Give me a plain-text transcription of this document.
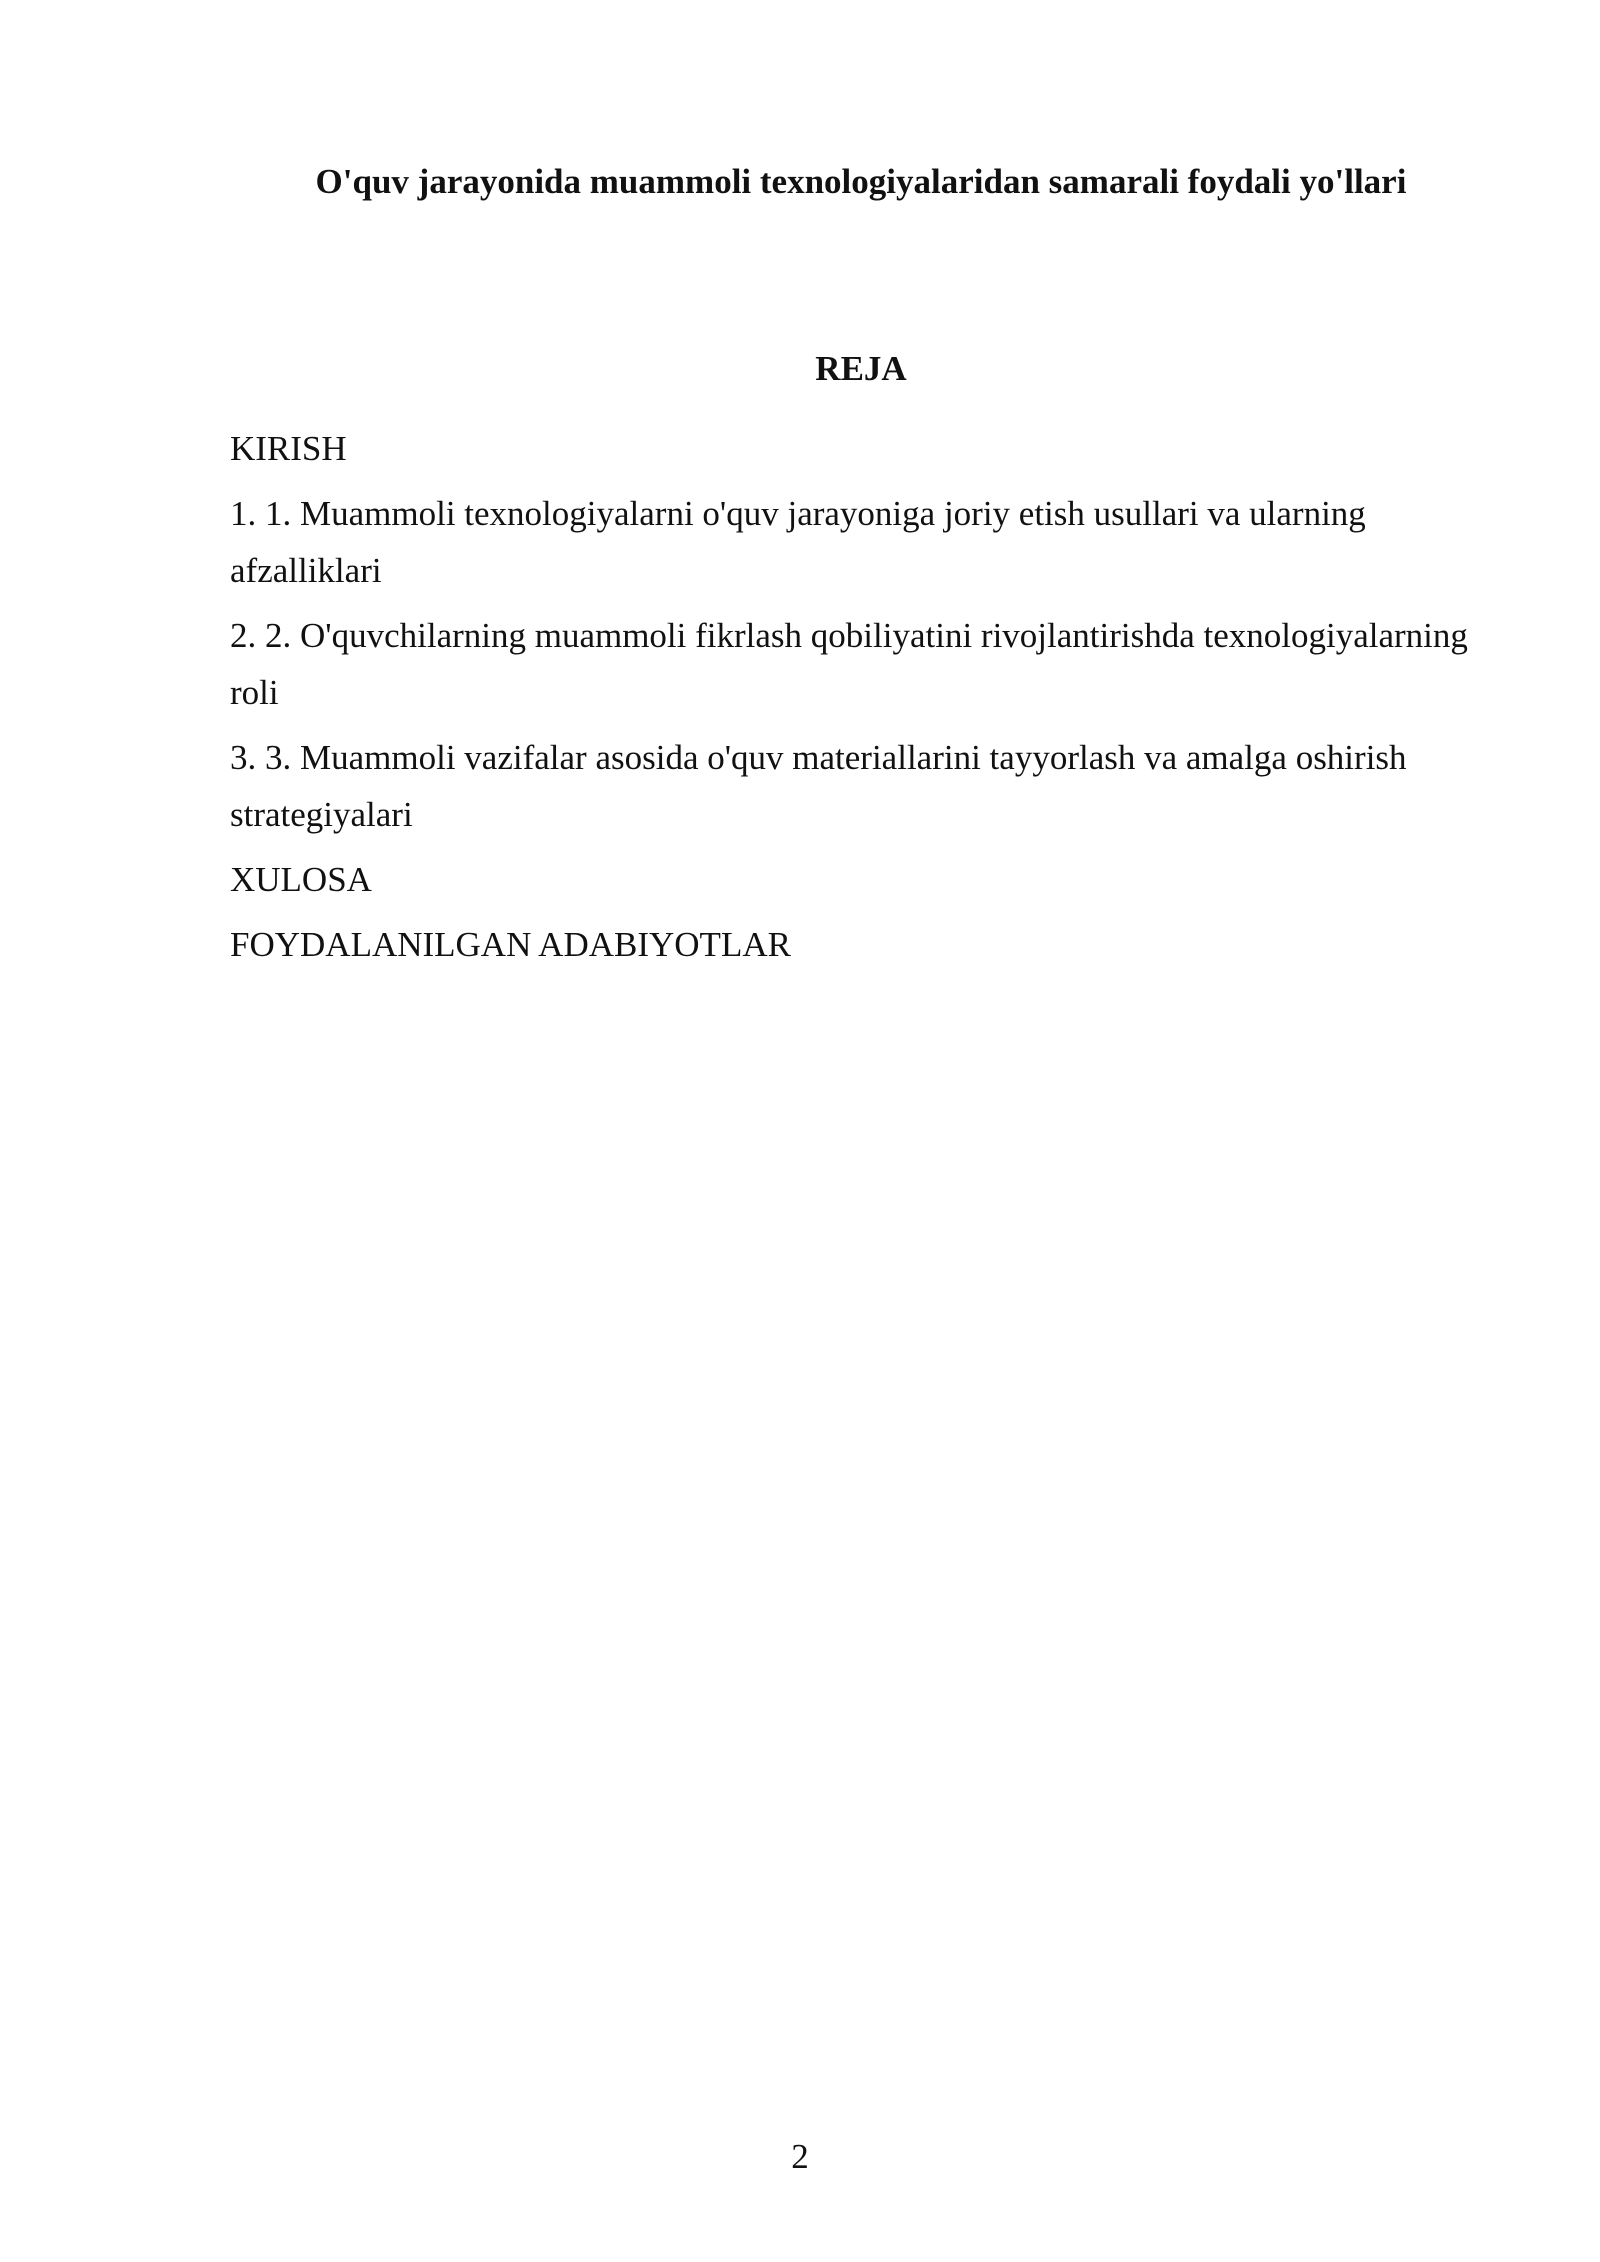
O'quv jarayonida muammoli texnologiyalaridan samarali foydali yo'llari
REJA
KIRISH
1. 1. Muammoli texnologiyalarni o'quv jarayoniga joriy etish usullari va ularning afzalliklari
2. 2. O'quvchilarning muammoli fikrlash qobiliyatini rivojlantirishda texnologiyalarning roli
3. 3. Muammoli vazifalar asosida o'quv materiallarini tayyorlash va amalga oshirish strategiyalari
XULOSA
FOYDALANILGAN ADABIYOTLAR
2
